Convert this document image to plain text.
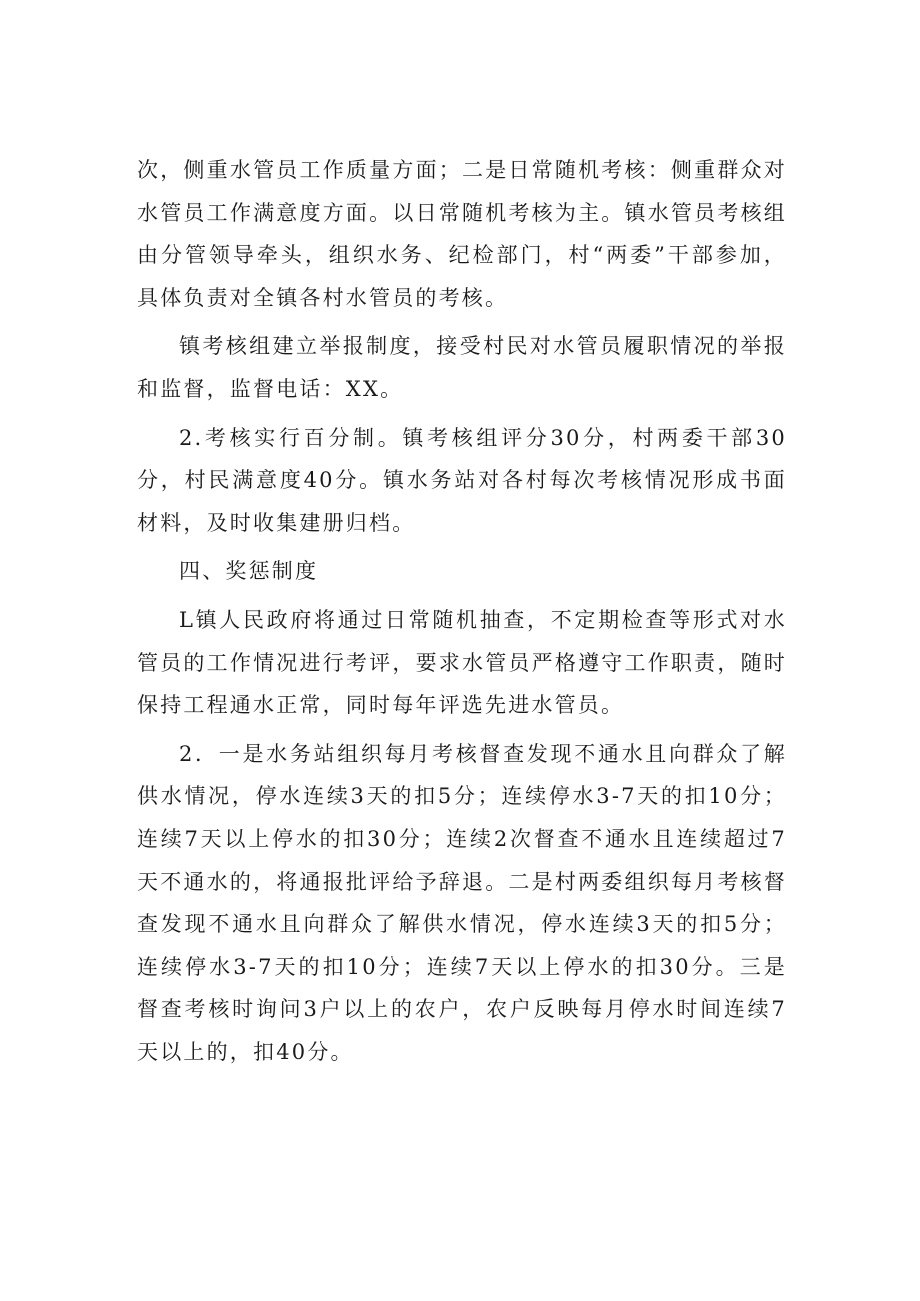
次，侧重水管员工作质量方面；二是日常随机考核：侧重群众对水管员工作满意度方面。以日常随机考核为主。镇水管员考核组由分管领导牵头，组织水务、纪检部门，村“两委”干部参加，具体负责对全镇各村水管员的考核。

镇考核组建立举报制度，接受村民对水管员履职情况的举报和监督，监督电话：XX。

2.考核实行百分制。镇考核组评分30分，村两委干部30分，村民满意度40分。镇水务站对各村每次考核情况形成书面材料，及时收集建册归档。

四、奖惩制度

L镇人民政府将通过日常随机抽查，不定期检查等形式对水管员的工作情况进行考评，要求水管员严格遵守工作职责，随时保持工程通水正常，同时每年评选先进水管员。

2．一是水务站组织每月考核督查发现不通水且向群众了解供水情况，停水连续3天的扣5分；连续停水3-7天的扣10分；连续7天以上停水的扣30分；连续2次督查不通水且连续超过7天不通水的，将通报批评给予辞退。二是村两委组织每月考核督查发现不通水且向群众了解供水情况，停水连续3天的扣5分；连续停水3-7天的扣10分；连续7天以上停水的扣30分。三是督查考核时询问3户以上的农户，农户反映每月停水时间连续7天以上的，扣40分。
